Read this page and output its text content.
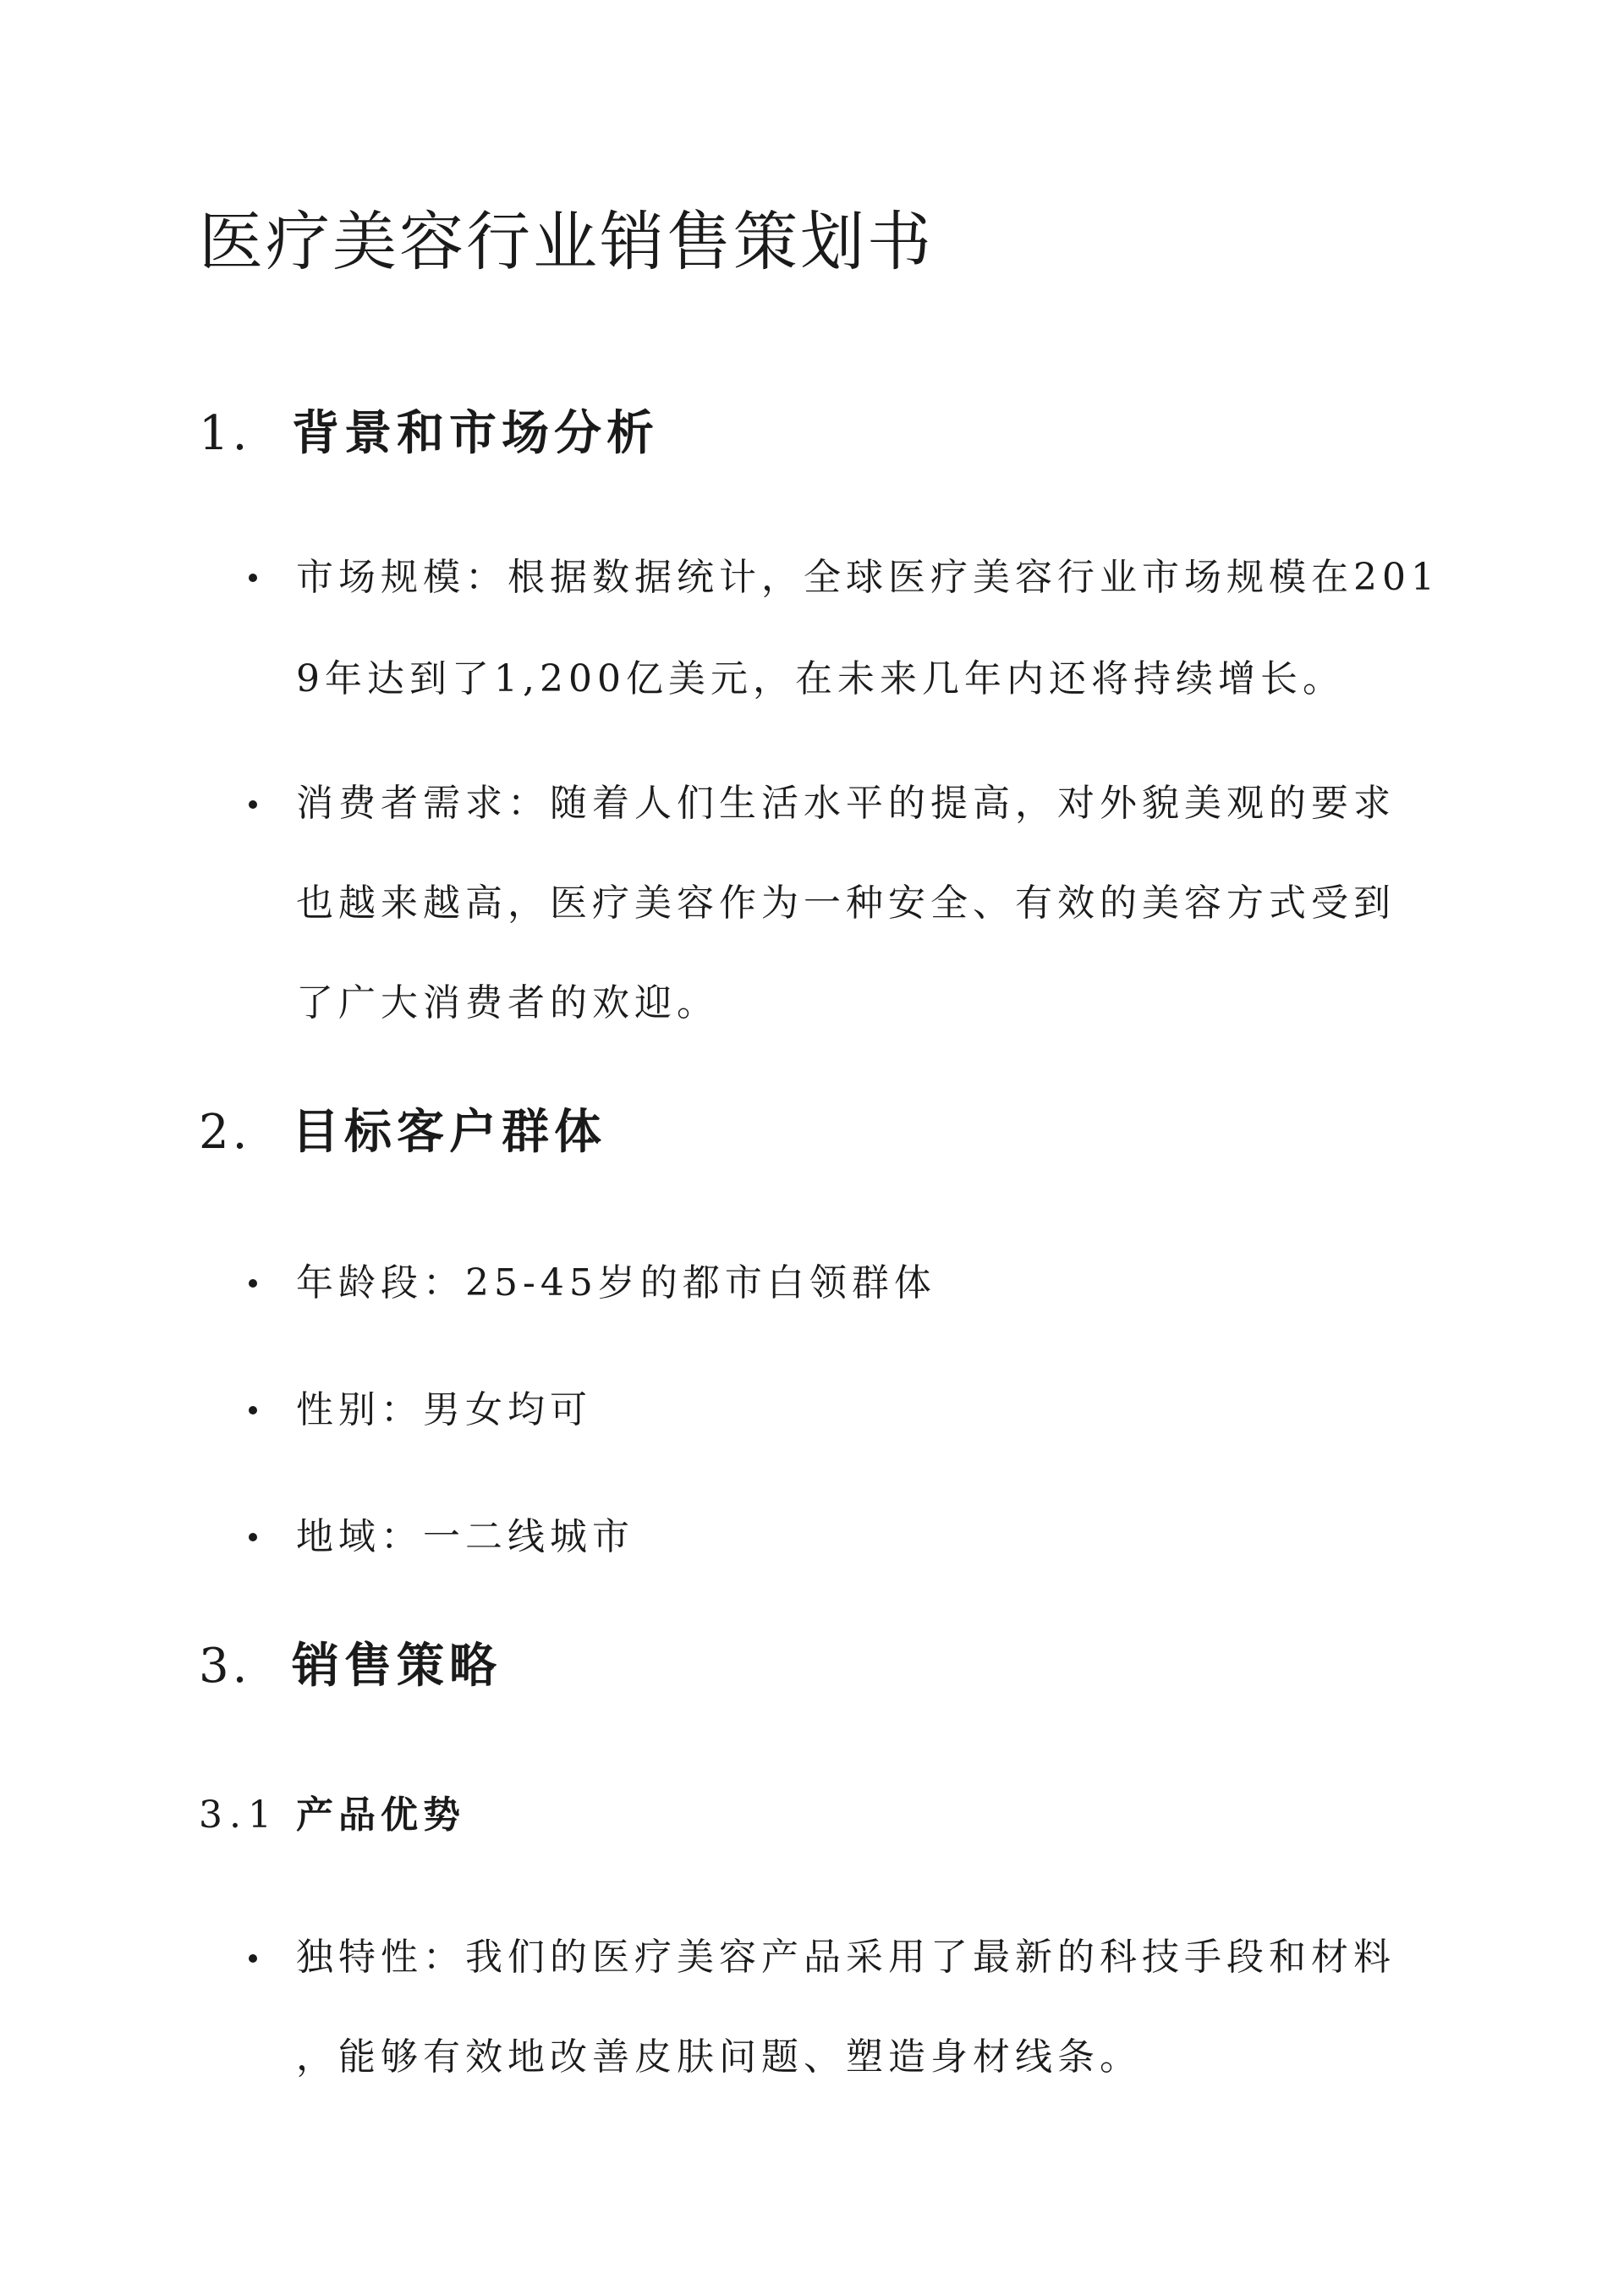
医疗美容行业销售策划书
1. 背景和市场分析
市场规模：根据数据统计，全球医疗美容行业市场规模在201
9年达到了1,200亿美元，在未来几年内还将持续增长。
消费者需求：随着人们生活水平的提高，对外貌美观的要求
也越来越高，医疗美容作为一种安全、有效的美容方式受到
了广大消费者的欢迎。
2. 目标客户群体
年龄段：25-45岁的都市白领群体
性别：男女均可
地域：一二线城市
3. 销售策略
3.1 产品优势
独特性：我们的医疗美容产品采用了最新的科技手段和材料
，能够有效地改善皮肤问题、塑造身材线条。
